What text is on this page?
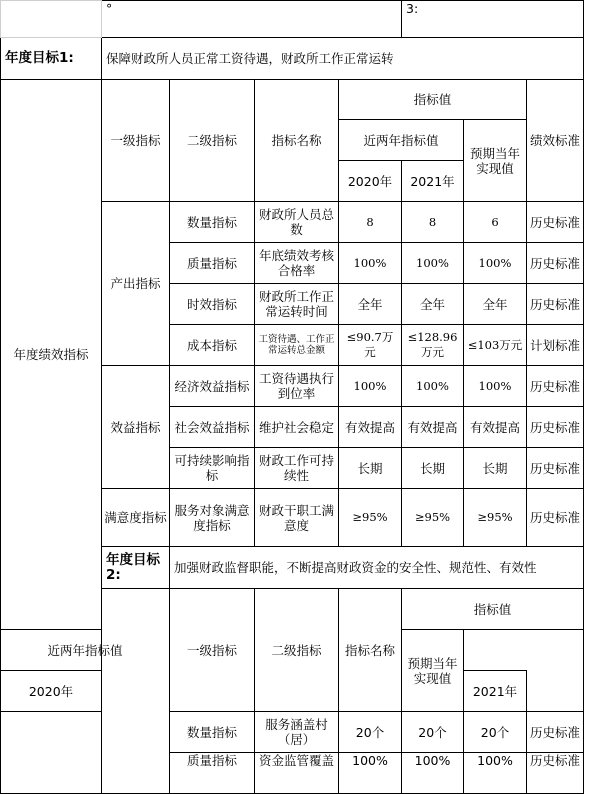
	°				3:			
年度目标1:	保障财政所人员正常工资待遇，财政所工作正常运转							
年度绩效指标	一级指标	二级指标	指标名称	指标值			绩效标准	
				近两年指标值		预期当年实现值		
				2020年	2021年			
	产出指标	数量指标	财政所人员总数	8	8	6	历史标准	
		质量指标	年底绩效考核合格率	100%	100%	100%	历史标准	
		时效指标	财政所工作正常运转时间	全年	全年	全年	历史标准	
		成本指标	工资待遇、工作正常运转总金额	≤90.7万元	≤128.96万元	≤103万元	计划标准	
	效益指标	经济效益指标	工资待遇执行到位率	100%	100%	100%	历史标准	
		社会效益指标	维护社会稳定	有效提高	有效提高	有效提高	历史标准	
		可持续影响指标	财政工作可持续性	长期	长期	长期	历史标准	
	满意度指标	服务对象满意度指标	财政干职工满意度	≥95%	≥95%	≥95%	历史标准	
	年度目标2:	加强财政监督职能，不断提高财政资金的安全性、规范性、有效性						
		一级指标	二级指标	指标名称	指标值	
近两年指标值					预期当年实现值			
2020年						2021年		
		数量指标	服务涵盖村（居）	20个	20个	20个	历史标准	
		质量指标	资金监管覆盖	100%	100%	100%	历史标准	
